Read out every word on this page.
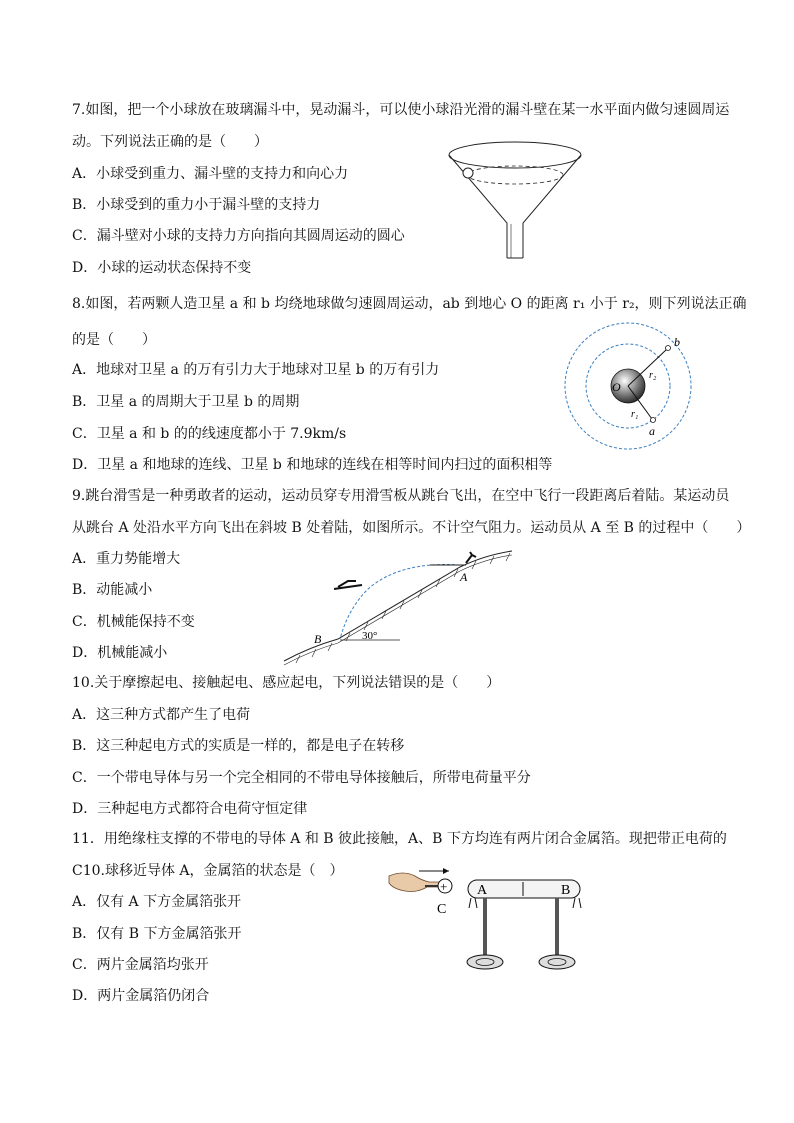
7.如图，把一个小球放在玻璃漏斗中，晃动漏斗，可以使小球沿光滑的漏斗壁在某一水平面内做匀速圆周运
动。下列说法正确的是（　　）
A．小球受到重力、漏斗壁的支持力和向心力
B．小球受到的重力小于漏斗壁的支持力
C．漏斗壁对小球的支持力方向指向其圆周运动的圆心
D．小球的运动状态保持不变
8.如图，若两颗人造卫星 a 和 b 均绕地球做匀速圆周运动，ab 到地心 O 的距离 r₁ 小于 r₂，则下列说法正确
的是（　　）
A．地球对卫星 a 的万有引力大于地球对卫星 b 的万有引力
B．卫星 a 的周期大于卫星 b 的周期
C．卫星 a 和 b 的的线速度都小于 7.9km/s
D．卫星 a 和地球的连线、卫星 b 和地球的连线在相等时间内扫过的面积相等
O
b
a
r₂
r₁
9.跳台滑雪是一种勇敢者的运动，运动员穿专用滑雪板从跳台飞出，在空中飞行一段距离后着陆。某运动员
从跳台 A 处沿水平方向飞出在斜坡 B 处着陆，如图所示。不计空气阻力。运动员从 A 至 B 的过程中（　　）
A．重力势能增大
B．动能减小
C．机械能保持不变
D．机械能减小
A
B	30°
10.关于摩擦起电、接触起电、感应起电，下列说法错误的是（　　）
A．这三种方式都产生了电荷
B．这三种起电方式的实质是一样的，都是电子在转移
C．一个带电导体与另一个完全相同的不带电导体接触后，所带电荷量平分
D．三种起电方式都符合电荷守恒定律
11．用绝缘柱支撑的不带电的导体 A 和 B 彼此接触，A、B 下方均连有两片闭合金属箔。现把带正电荷的
C10.球移近导体 A，金属箔的状态是（　）
A．仅有 A 下方金属箔张开
B．仅有 B 下方金属箔张开
C．两片金属箔均张开
D．两片金属箔仍闭合
+
C
A	B
